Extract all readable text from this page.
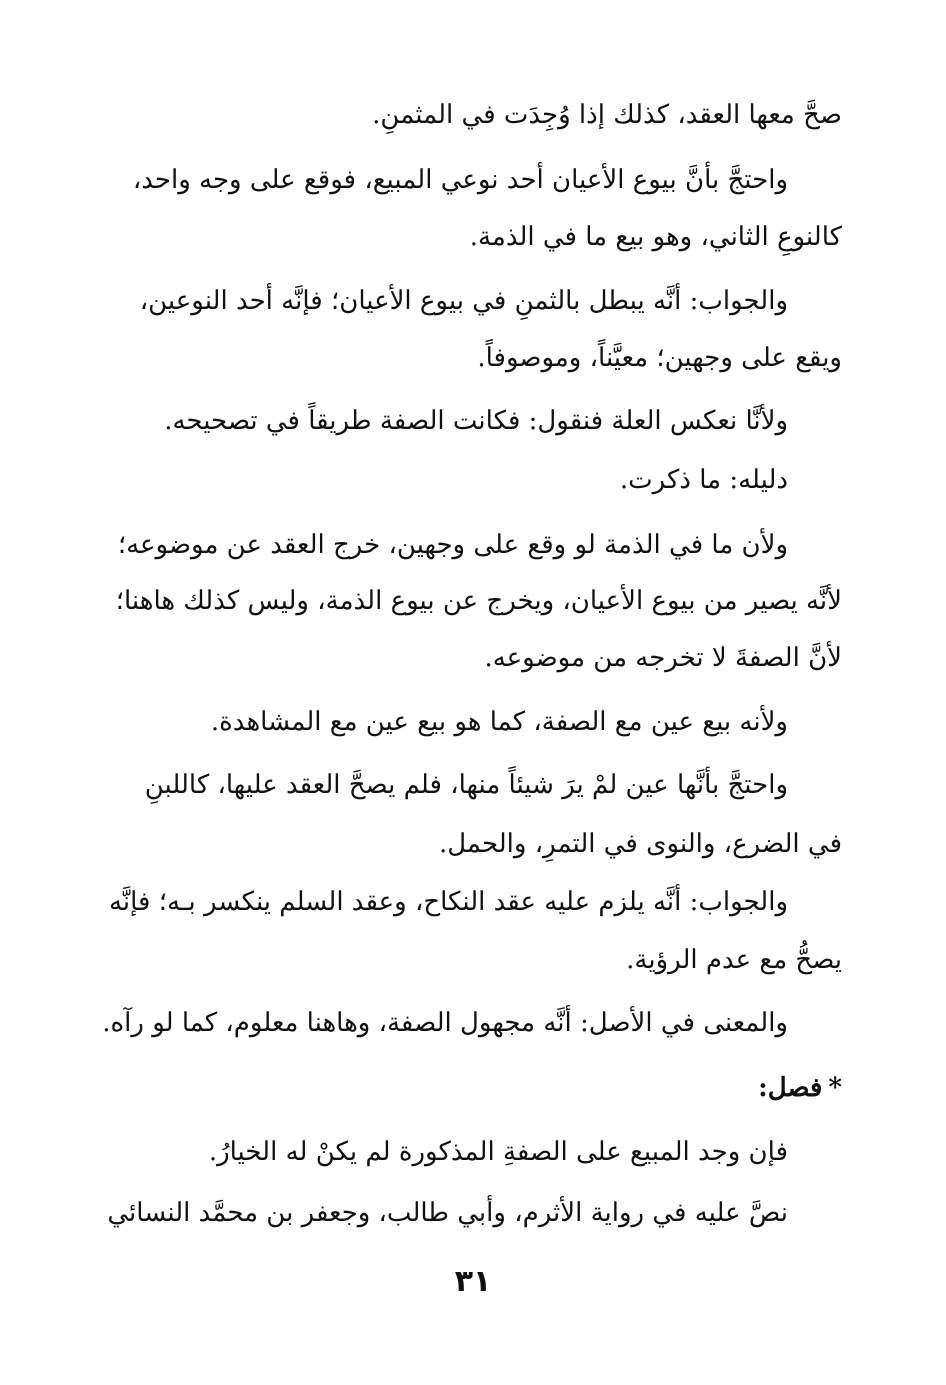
صحَّ معها العقد، كذلك إذا وُجِدَت في المثمنِ.
واحتجَّ بأنَّ بيوع الأعيان أحد نوعي المبيع، فوقع على وجه واحد،
كالنوعِ الثاني، وهو بيع ما في الذمة.
والجواب: أنَّه يبطل بالثمنِ في بيوع الأعيان؛ فإنَّه أحد النوعين،
ويقع على وجهين؛ معيَّناً، وموصوفاً.
ولأنَّا نعكس العلة فنقول: فكانت الصفة طريقاً في تصحيحه.
دليله: ما ذكرت.
ولأن ما في الذمة لو وقع على وجهين، خرج العقد عن موضوعه؛
لأنَّه يصير من بيوع الأعيان، ويخرج عن بيوع الذمة، وليس كذلك هاهنا؛
لأنَّ الصفةَ لا تخرجه من موضوعه.
ولأنه بيع عين مع الصفة، كما هو بيع عين مع المشاهدة.
واحتجَّ بأنَّها عين لمْ يرَ شيئاً منها، فلم يصحَّ العقد عليها، كاللبنِ
في الضرع، والنوى في التمرِ، والحمل.
والجواب: أنَّه يلزم عليه عقد النكاح، وعقد السلم ينكسر بـه؛ فإنَّه
يصحُّ مع عدم الرؤية.
والمعنى في الأصل: أنَّه مجهول الصفة، وهاهنا معلوم، كما لو رآه.
*فصل:
فإن وجد المبيع على الصفةِ المذكورة لم يكنْ له الخيارُ.
نصَّ عليه في رواية الأثرم، وأبي طالب، وجعفر بن محمَّد النسائي
٣١
